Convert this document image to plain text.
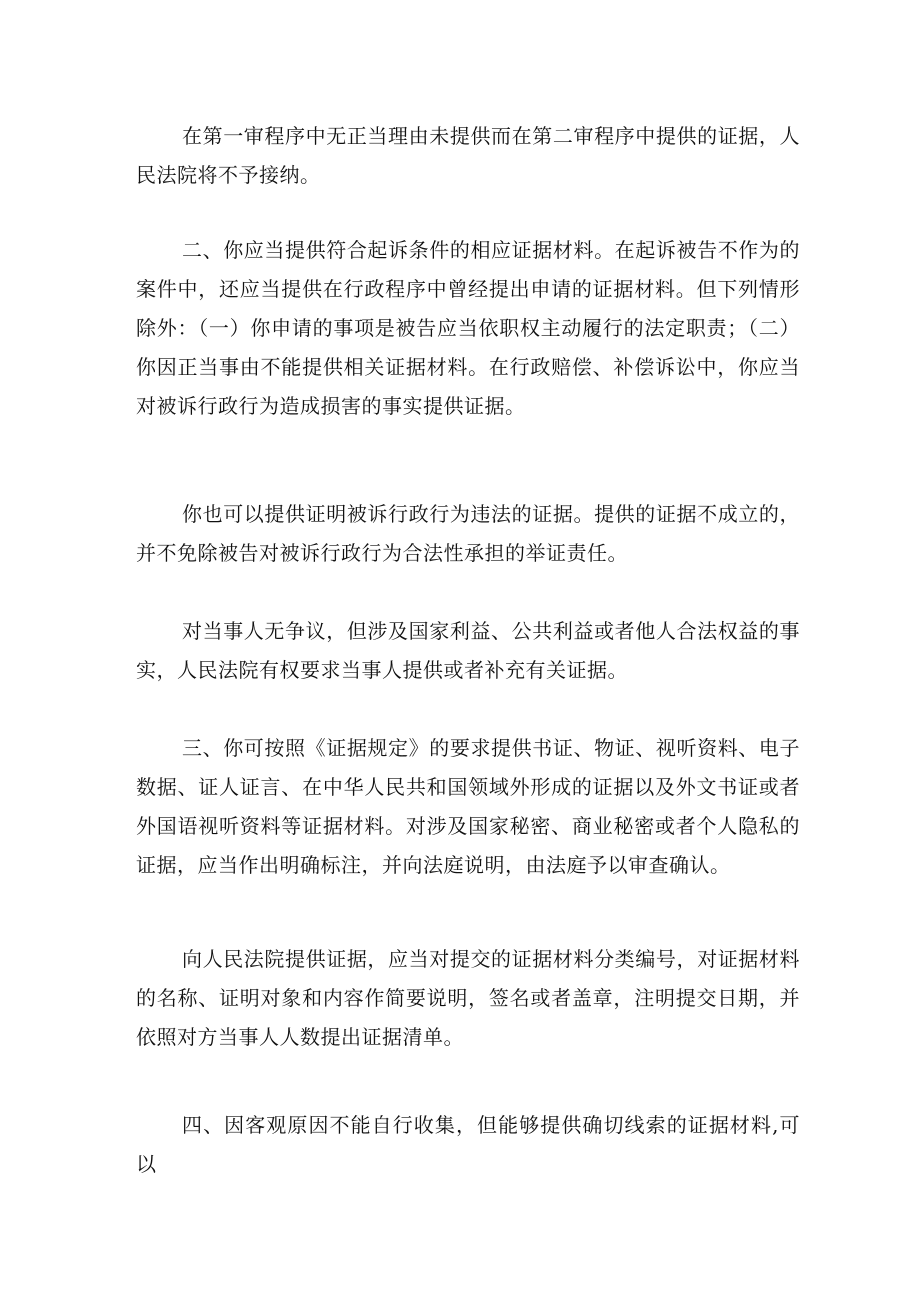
在第一审程序中无正当理由未提供而在第二审程序中提供的证据，人民法院将不予接纳。

二、你应当提供符合起诉条件的相应证据材料。在起诉被告不作为的案件中，还应当提供在行政程序中曾经提出申请的证据材料。但下列情形除外：（一）你申请的事项是被告应当依职权主动履行的法定职责；（二）你因正当事由不能提供相关证据材料。在行政赔偿、补偿诉讼中，你应当对被诉行政行为造成损害的事实提供证据。

你也可以提供证明被诉行政行为违法的证据。提供的证据不成立的，并不免除被告对被诉行政行为合法性承担的举证责任。

对当事人无争议，但涉及国家利益、公共利益或者他人合法权益的事实，人民法院有权要求当事人提供或者补充有关证据。

三、你可按照《证据规定》的要求提供书证、物证、视听资料、电子数据、证人证言、在中华人民共和国领域外形成的证据以及外文书证或者外国语视听资料等证据材料。对涉及国家秘密、商业秘密或者个人隐私的证据，应当作出明确标注，并向法庭说明，由法庭予以审查确认。

向人民法院提供证据，应当对提交的证据材料分类编号，对证据材料的名称、证明对象和内容作简要说明，签名或者盖章，注明提交日期，并依照对方当事人人数提出证据清单。

四、因客观原因不能自行收集，但能够提供确切线索的证据材料,可以
